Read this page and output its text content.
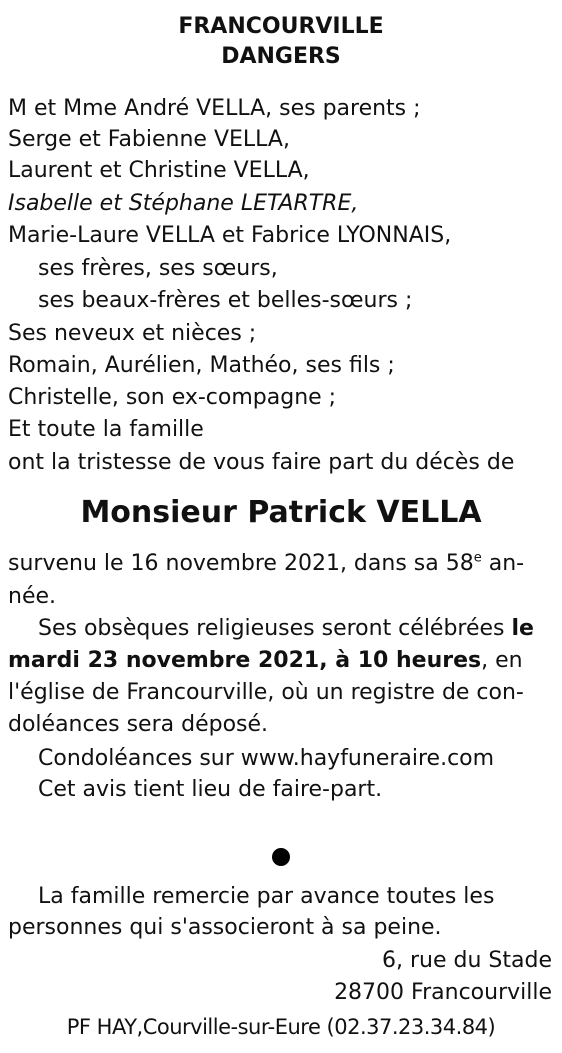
FRANCOURVILLE
DANGERS
M et Mme André VELLA, ses parents ;
Serge et Fabienne VELLA,
Laurent et Christine VELLA,
Isabelle et Stéphane LETARTRE,
Marie-Laure VELLA et Fabrice LYONNAIS,
ses frères, ses sœurs,
ses beaux-frères et belles-sœurs ;
Ses neveux et nièces ;
Romain, Aurélien, Mathéo, ses fils ;
Christelle, son ex-compagne ;
Et toute la famille
ont la tristesse de vous faire part du décès de
Monsieur Patrick VELLA
survenu le 16 novembre 2021, dans sa 58e an-
née.
Ses obsèques religieuses seront célébrées le
mardi 23 novembre 2021, à 10 heures, en
l'église de Francourville, où un registre de con-
doléances sera déposé.
Condoléances sur www.hayfuneraire.com
Cet avis tient lieu de faire-part.
La famille remercie par avance toutes les
personnes qui s'associeront à sa peine.
6, rue du Stade
28700 Francourville
PF HAY,Courville-sur-Eure (02.37.23.34.84)
